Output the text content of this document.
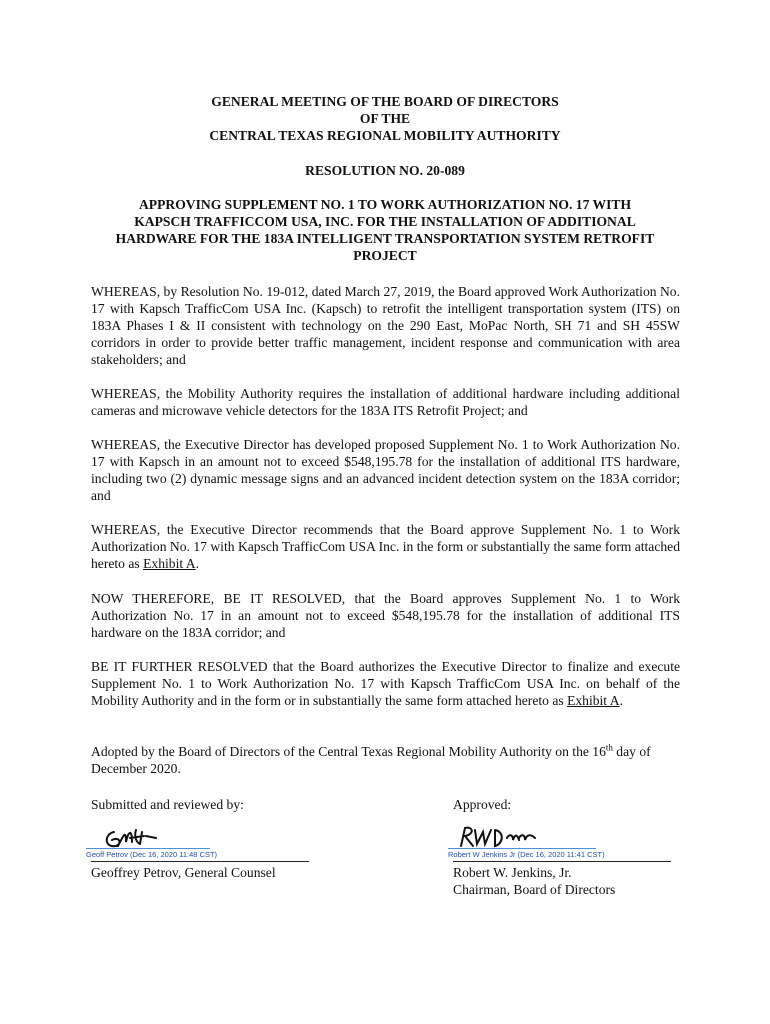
GENERAL MEETING OF THE BOARD OF DIRECTORS
OF THE
CENTRAL TEXAS REGIONAL MOBILITY AUTHORITY
RESOLUTION NO. 20-089
APPROVING SUPPLEMENT NO. 1 TO WORK AUTHORIZATION NO. 17 WITH
KAPSCH TRAFFICCOM USA, INC. FOR THE INSTALLATION OF ADDITIONAL
HARDWARE FOR THE 183A INTELLIGENT TRANSPORTATION SYSTEM RETROFIT
PROJECT
WHEREAS, by Resolution No. 19-012, dated March 27, 2019, the Board approved Work Authorization No. 17 with Kapsch TrafficCom USA Inc. (Kapsch) to retrofit the intelligent transportation system (ITS) on 183A Phases I & II consistent with technology on the 290 East, MoPac North, SH 71 and SH 45SW corridors in order to provide better traffic management, incident response and communication with area stakeholders; and
WHEREAS, the Mobility Authority requires the installation of additional hardware including additional cameras and microwave vehicle detectors for the 183A ITS Retrofit Project; and
WHEREAS, the Executive Director has developed proposed Supplement No. 1 to Work Authorization No. 17 with Kapsch in an amount not to exceed $548,195.78 for the installation of additional ITS hardware, including two (2) dynamic message signs and an advanced incident detection system on the 183A corridor; and
WHEREAS, the Executive Director recommends that the Board approve Supplement No. 1 to Work Authorization No. 17 with Kapsch TrafficCom USA Inc. in the form or substantially the same form attached hereto as Exhibit A.
NOW THEREFORE, BE IT RESOLVED, that the Board approves Supplement No. 1 to Work Authorization No. 17 in an amount not to exceed $548,195.78 for the installation of additional ITS hardware on the 183A corridor; and
BE IT FURTHER RESOLVED that the Board authorizes the Executive Director to finalize and execute Supplement No. 1 to Work Authorization No. 17 with Kapsch TrafficCom USA Inc. on behalf of the Mobility Authority and in the form or in substantially the same form attached hereto as Exhibit A.
Adopted by the Board of Directors of the Central Texas Regional Mobility Authority on the 16th day of December 2020.
Submitted and reviewed by:	Approved:
Geoff Petrov (Dec 16, 2020 11:48 CST)
Geoffrey Petrov, General Counsel
Robert W Jenkins Jr (Dec 16, 2020 11:41 CST)
Robert W. Jenkins, Jr.
Chairman, Board of Directors
